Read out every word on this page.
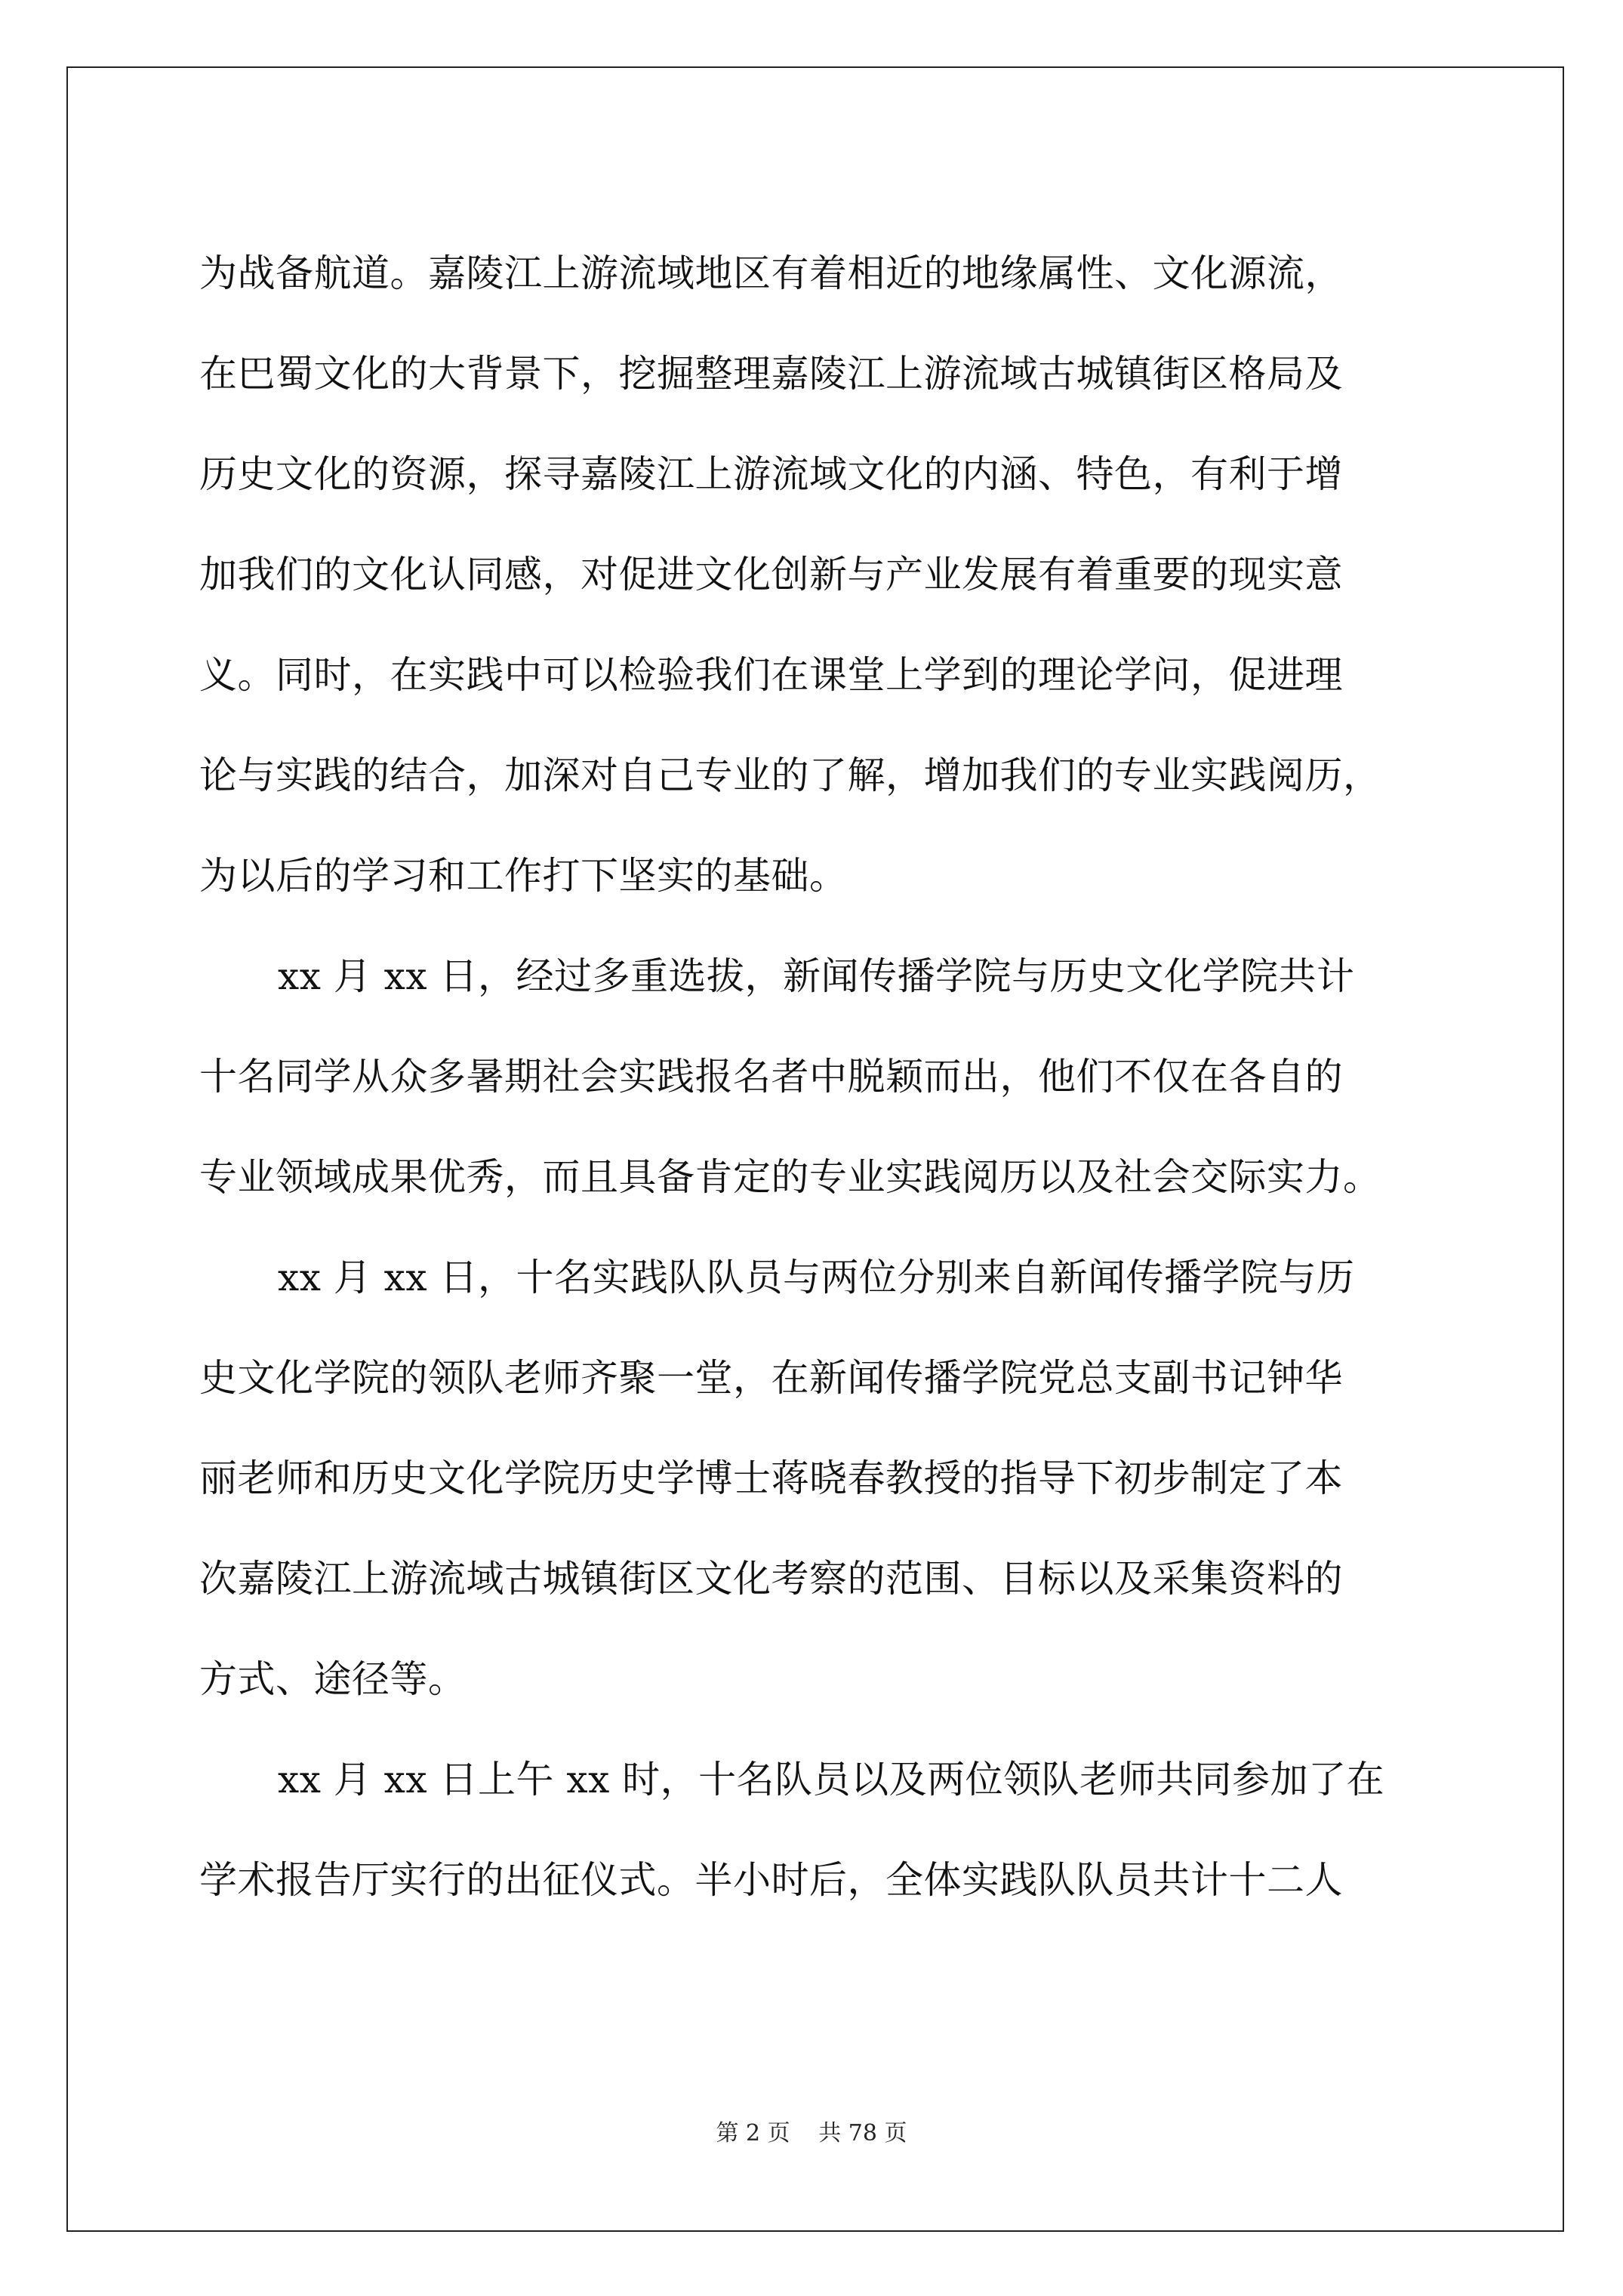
为战备航道。嘉陵江上游流域地区有着相近的地缘属性、文化源流，
在巴蜀文化的大背景下，挖掘整理嘉陵江上游流域古城镇街区格局及
历史文化的资源，探寻嘉陵江上游流域文化的内涵、特色，有利于增
加我们的文化认同感，对促进文化创新与产业发展有着重要的现实意
义。同时，在实践中可以检验我们在课堂上学到的理论学问，促进理
论与实践的结合，加深对自己专业的了解，增加我们的专业实践阅历，
为以后的学习和工作打下坚实的基础。
xx 月 xx 日，经过多重选拔，新闻传播学院与历史文化学院共计
十名同学从众多暑期社会实践报名者中脱颖而出，他们不仅在各自的
专业领域成果优秀，而且具备肯定的专业实践阅历以及社会交际实力。
xx 月 xx 日，十名实践队队员与两位分别来自新闻传播学院与历
史文化学院的领队老师齐聚一堂，在新闻传播学院党总支副书记钟华
丽老师和历史文化学院历史学博士蒋晓春教授的指导下初步制定了本
次嘉陵江上游流域古城镇街区文化考察的范围、目标以及采集资料的
方式、途径等。
xx 月 xx 日上午 xx 时，十名队员以及两位领队老师共同参加了在
学术报告厅实行的出征仪式。半小时后，全体实践队队员共计十二人
第 2 页 共 78 页
